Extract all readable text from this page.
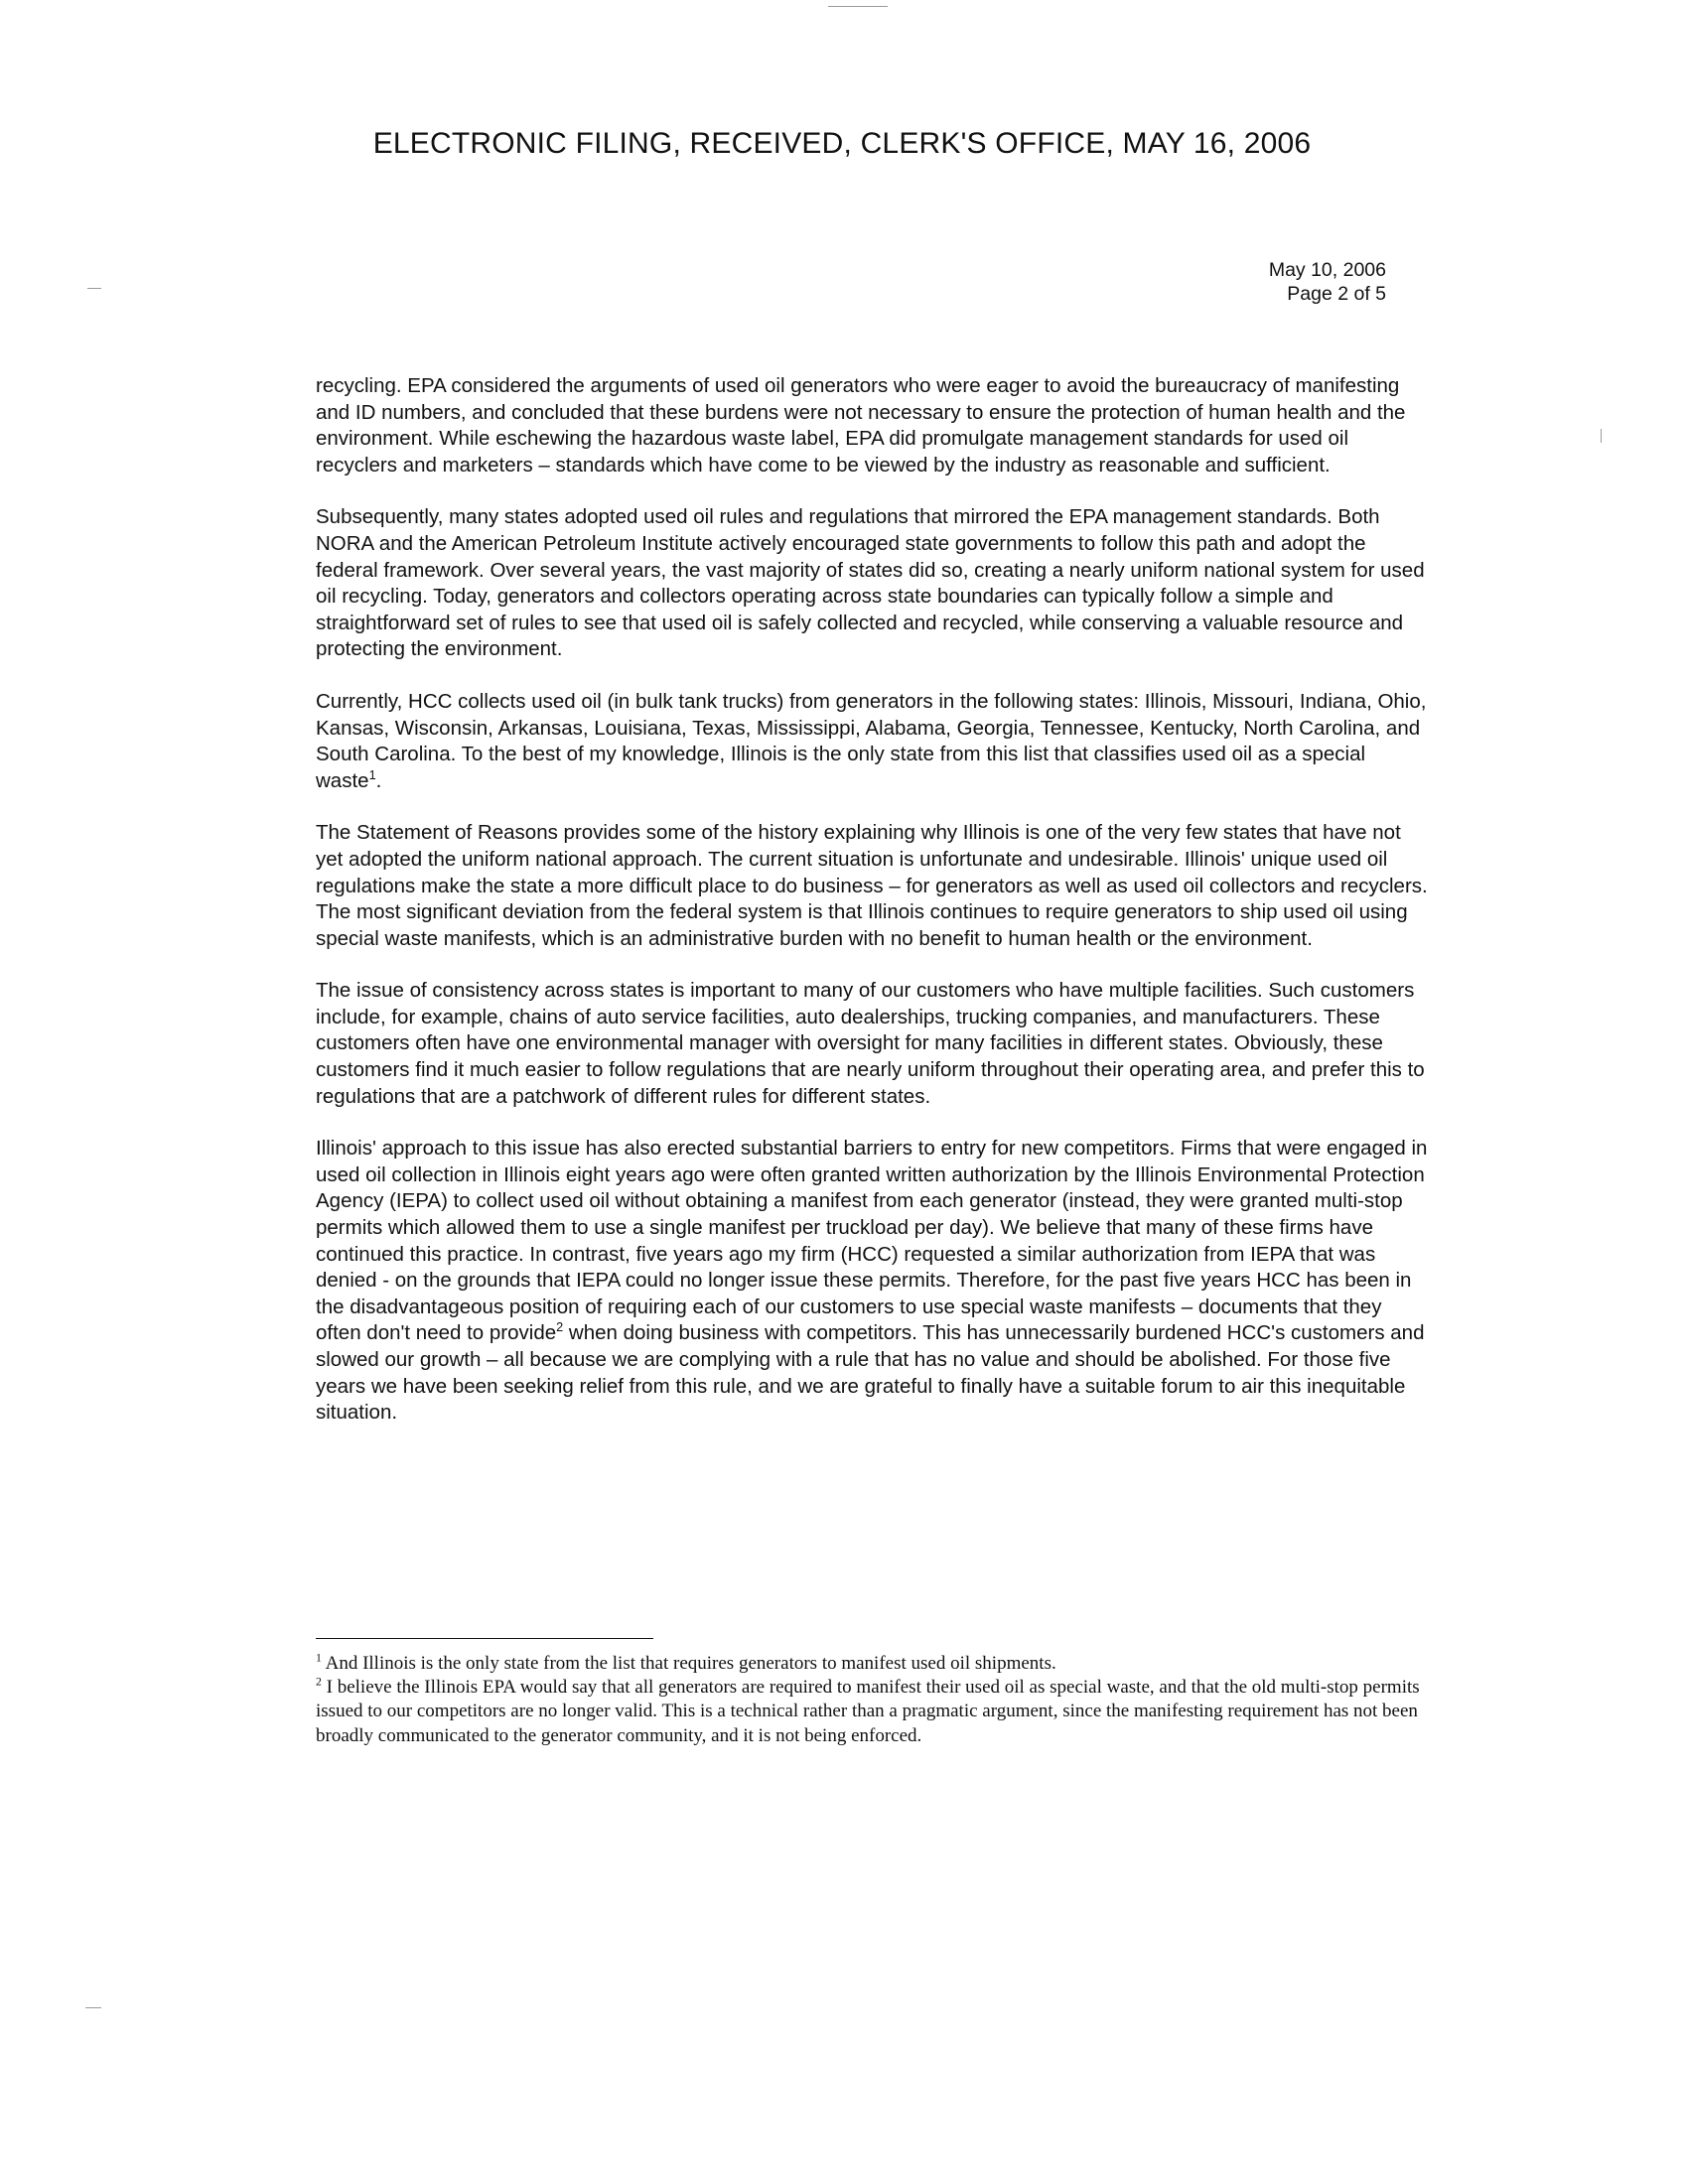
ELECTRONIC FILING, RECEIVED, CLERK'S OFFICE, MAY 16, 2006
May 10, 2006
Page 2 of 5

recycling. EPA considered the arguments of used oil generators who were eager to avoid the bureaucracy of manifesting and ID numbers, and concluded that these burdens were not necessary to ensure the protection of human health and the environment. While eschewing the hazardous waste label, EPA did promulgate management standards for used oil recyclers and marketers – standards which have come to be viewed by the industry as reasonable and sufficient.

Subsequently, many states adopted used oil rules and regulations that mirrored the EPA management standards. Both NORA and the American Petroleum Institute actively encouraged state governments to follow this path and adopt the federal framework. Over several years, the vast majority of states did so, creating a nearly uniform national system for used oil recycling. Today, generators and collectors operating across state boundaries can typically follow a simple and straightforward set of rules to see that used oil is safely collected and recycled, while conserving a valuable resource and protecting the environment.

Currently, HCC collects used oil (in bulk tank trucks) from generators in the following states: Illinois, Missouri, Indiana, Ohio, Kansas, Wisconsin, Arkansas, Louisiana, Texas, Mississippi, Alabama, Georgia, Tennessee, Kentucky, North Carolina, and South Carolina. To the best of my knowledge, Illinois is the only state from this list that classifies used oil as a special waste$^1$.

The Statement of Reasons provides some of the history explaining why Illinois is one of the very few states that have not yet adopted the uniform national approach. The current situation is unfortunate and undesirable. Illinois' unique used oil regulations make the state a more difficult place to do business – for generators as well as used oil collectors and recyclers. The most significant deviation from the federal system is that Illinois continues to require generators to ship used oil using special waste manifests, which is an administrative burden with no benefit to human health or the environment.

The issue of consistency across states is important to many of our customers who have multiple facilities. Such customers include, for example, chains of auto service facilities, auto dealerships, trucking companies, and manufacturers. These customers often have one environmental manager with oversight for many facilities in different states. Obviously, these customers find it much easier to follow regulations that are nearly uniform throughout their operating area, and prefer this to regulations that are a patchwork of different rules for different states.

Illinois' approach to this issue has also erected substantial barriers to entry for new competitors. Firms that were engaged in used oil collection in Illinois eight years ago were often granted written authorization by the Illinois Environmental Protection Agency (IEPA) to collect used oil without obtaining a manifest from each generator (instead, they were granted multi-stop permits which allowed them to use a single manifest per truckload per day). We believe that many of these firms have continued this practice. In contrast, five years ago my firm (HCC) requested a similar authorization from IEPA that was denied - on the grounds that IEPA could no longer issue these permits. Therefore, for the past five years HCC has been in the disadvantageous position of requiring each of our customers to use special waste manifests – documents that they often don't need to provide$^2$ when doing business with competitors. This has unnecessarily burdened HCC's customers and slowed our growth – all because we are complying with a rule that has no value and should be abolished. For those five years we have been seeking relief from this rule, and we are grateful to finally have a suitable forum to air this inequitable situation.

$^1$ And Illinois is the only state from the list that requires generators to manifest used oil shipments.

$^2$ I believe the Illinois EPA would say that all generators are required to manifest their used oil as special waste, and that the old multi-stop permits issued to our competitors are no longer valid. This is a technical rather than a pragmatic argument, since the manifesting requirement has not been broadly communicated to the generator community, and it is not being enforced.
